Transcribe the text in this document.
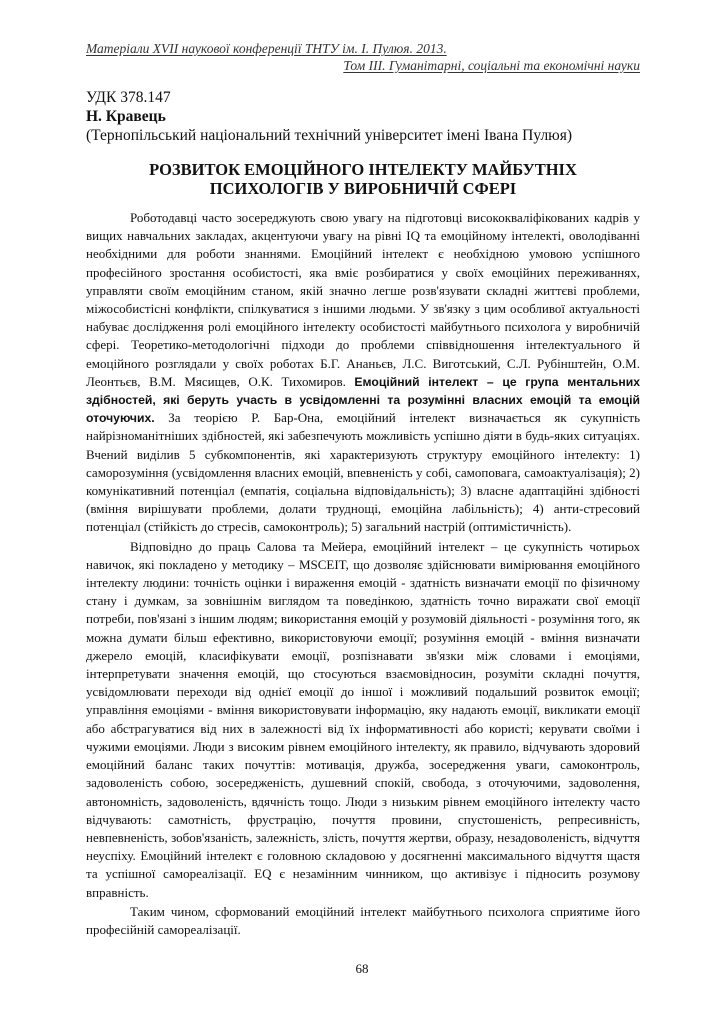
Матеріали XVII наукової конференції ТНТУ ім. І. Пулюя. 2013.
Том ІІІ. Гуманітарні, соціальні та економічні науки
УДК 378.147
Н. Кравець
(Тернопільський національний технічний університет імені Івана Пулюя)
РОЗВИТОК ЕМОЦІЙНОГО ІНТЕЛЕКТУ МАЙБУТНІХ
ПСИХОЛОГІВ У ВИРОБНИЧІЙ СФЕРІ

Роботодавці часто зосереджують свою увагу на підготовці висококваліфікованих кадрів у вищих навчальних закладах, акцентуючи увагу на рівні IQ та емоційному інтелекті, оволодіванні необхідними для роботи знаннями. Емоційний інтелект є необхідною умовою успішного професійного зростання особистості, яка вміє розбиратися у своїх емоційних переживаннях, управляти своїм емоційним станом, якій значно легше розв'язувати складні життєві проблеми, міжособистісні конфлікти, спілкуватися з іншими людьми. У зв'язку з цим особливої актуальності набуває дослідження ролі емоційного інтелекту особистості майбутнього психолога у виробничій сфері. Теоретико-методологічні підходи до проблеми співвідношення інтелектуального й емоційного розглядали у своїх роботах Б.Г. Ананьєв, Л.С. Виготський, С.Л. Рубінштейн, О.М. Леонтьєв, В.М. Мясищев, О.К. Тихомиров. Емоційний інтелект – це група ментальних здібностей, які беруть участь в усвідомленні та розумінні власних емоцій та емоцій оточуючих. За теорією Р. Бар-Она, емоційний інтелект визначається як сукупність найрізноманітніших здібностей, які забезпечують можливість успішно діяти в будь-яких ситуаціях. Вчений виділив 5 субкомпонентів, які характеризують структуру емоційного інтелекту: 1) саморозуміння (усвідомлення власних емоцій, впевненість у собі, самоповага, самоактуалізація); 2) комунікативний потенціал (емпатія, соціальна відповідальність); 3) власне адаптаційні здібності (вміння вирішувати проблеми, долати труднощі, емоційна лабільність); 4) анти-стресовий потенціал (стійкість до стресів, самоконтроль); 5) загальний настрій (оптимістичність).

Відповідно до праць Салова та Мейера, емоційний інтелект – це сукупність чотирьох навичок, які покладено у методику – MSCEIT, що дозволяє здійснювати вимірювання емоційного інтелекту людини: точність оцінки і вираження емоцій - здатність визначати емоції по фізичному стану і думкам, за зовнішнім виглядом та поведінкою, здатність точно виражати свої емоції потреби, пов'язані з іншим людям; використання емоцій у розумовій діяльності - розуміння того, як можна думати більш ефективно, використовуючи емоції; розуміння емоцій - вміння визначати джерело емоцій, класифікувати емоції, розпізнавати зв'язки між словами і емоціями, інтерпретувати значення емоцій, що стосуються взаємовідносин, розуміти складні почуття, усвідомлювати переходи від однієї емоції до іншої і можливий подальший розвиток емоції; управління емоціями - вміння використовувати інформацію, яку надають емоції, викликати емоції або абстрагуватися від них в залежності від їх інформативності або користі; керувати своїми і чужими емоціями. Люди з високим рівнем емоційного інтелекту, як правило, відчувають здоровий емоційний баланс таких почуттів: мотивація, дружба, зосередження уваги, самоконтроль, задоволеність собою, зосередженість, душевний спокій, свобода, з оточуючими, задоволення, автономність, задоволеність, вдячність тощо. Люди з низьким рівнем емоційного інтелекту часто відчувають: самотність, фрустрацію, почуття провини, спустошеність, репресивність, невпевненість, зобов'язаність, залежність, злість, почуття жертви, образу, незадоволеність, відчуття неуспіху. Емоційний інтелект є головною складовою у досягненні максимального відчуття щастя та успішної самореалізації. EQ є незамінним чинником, що активізує і підносить розумову вправність.

Таким чином, сформований емоційний інтелект майбутнього психолога сприятиме його професійній самореалізації.

68
